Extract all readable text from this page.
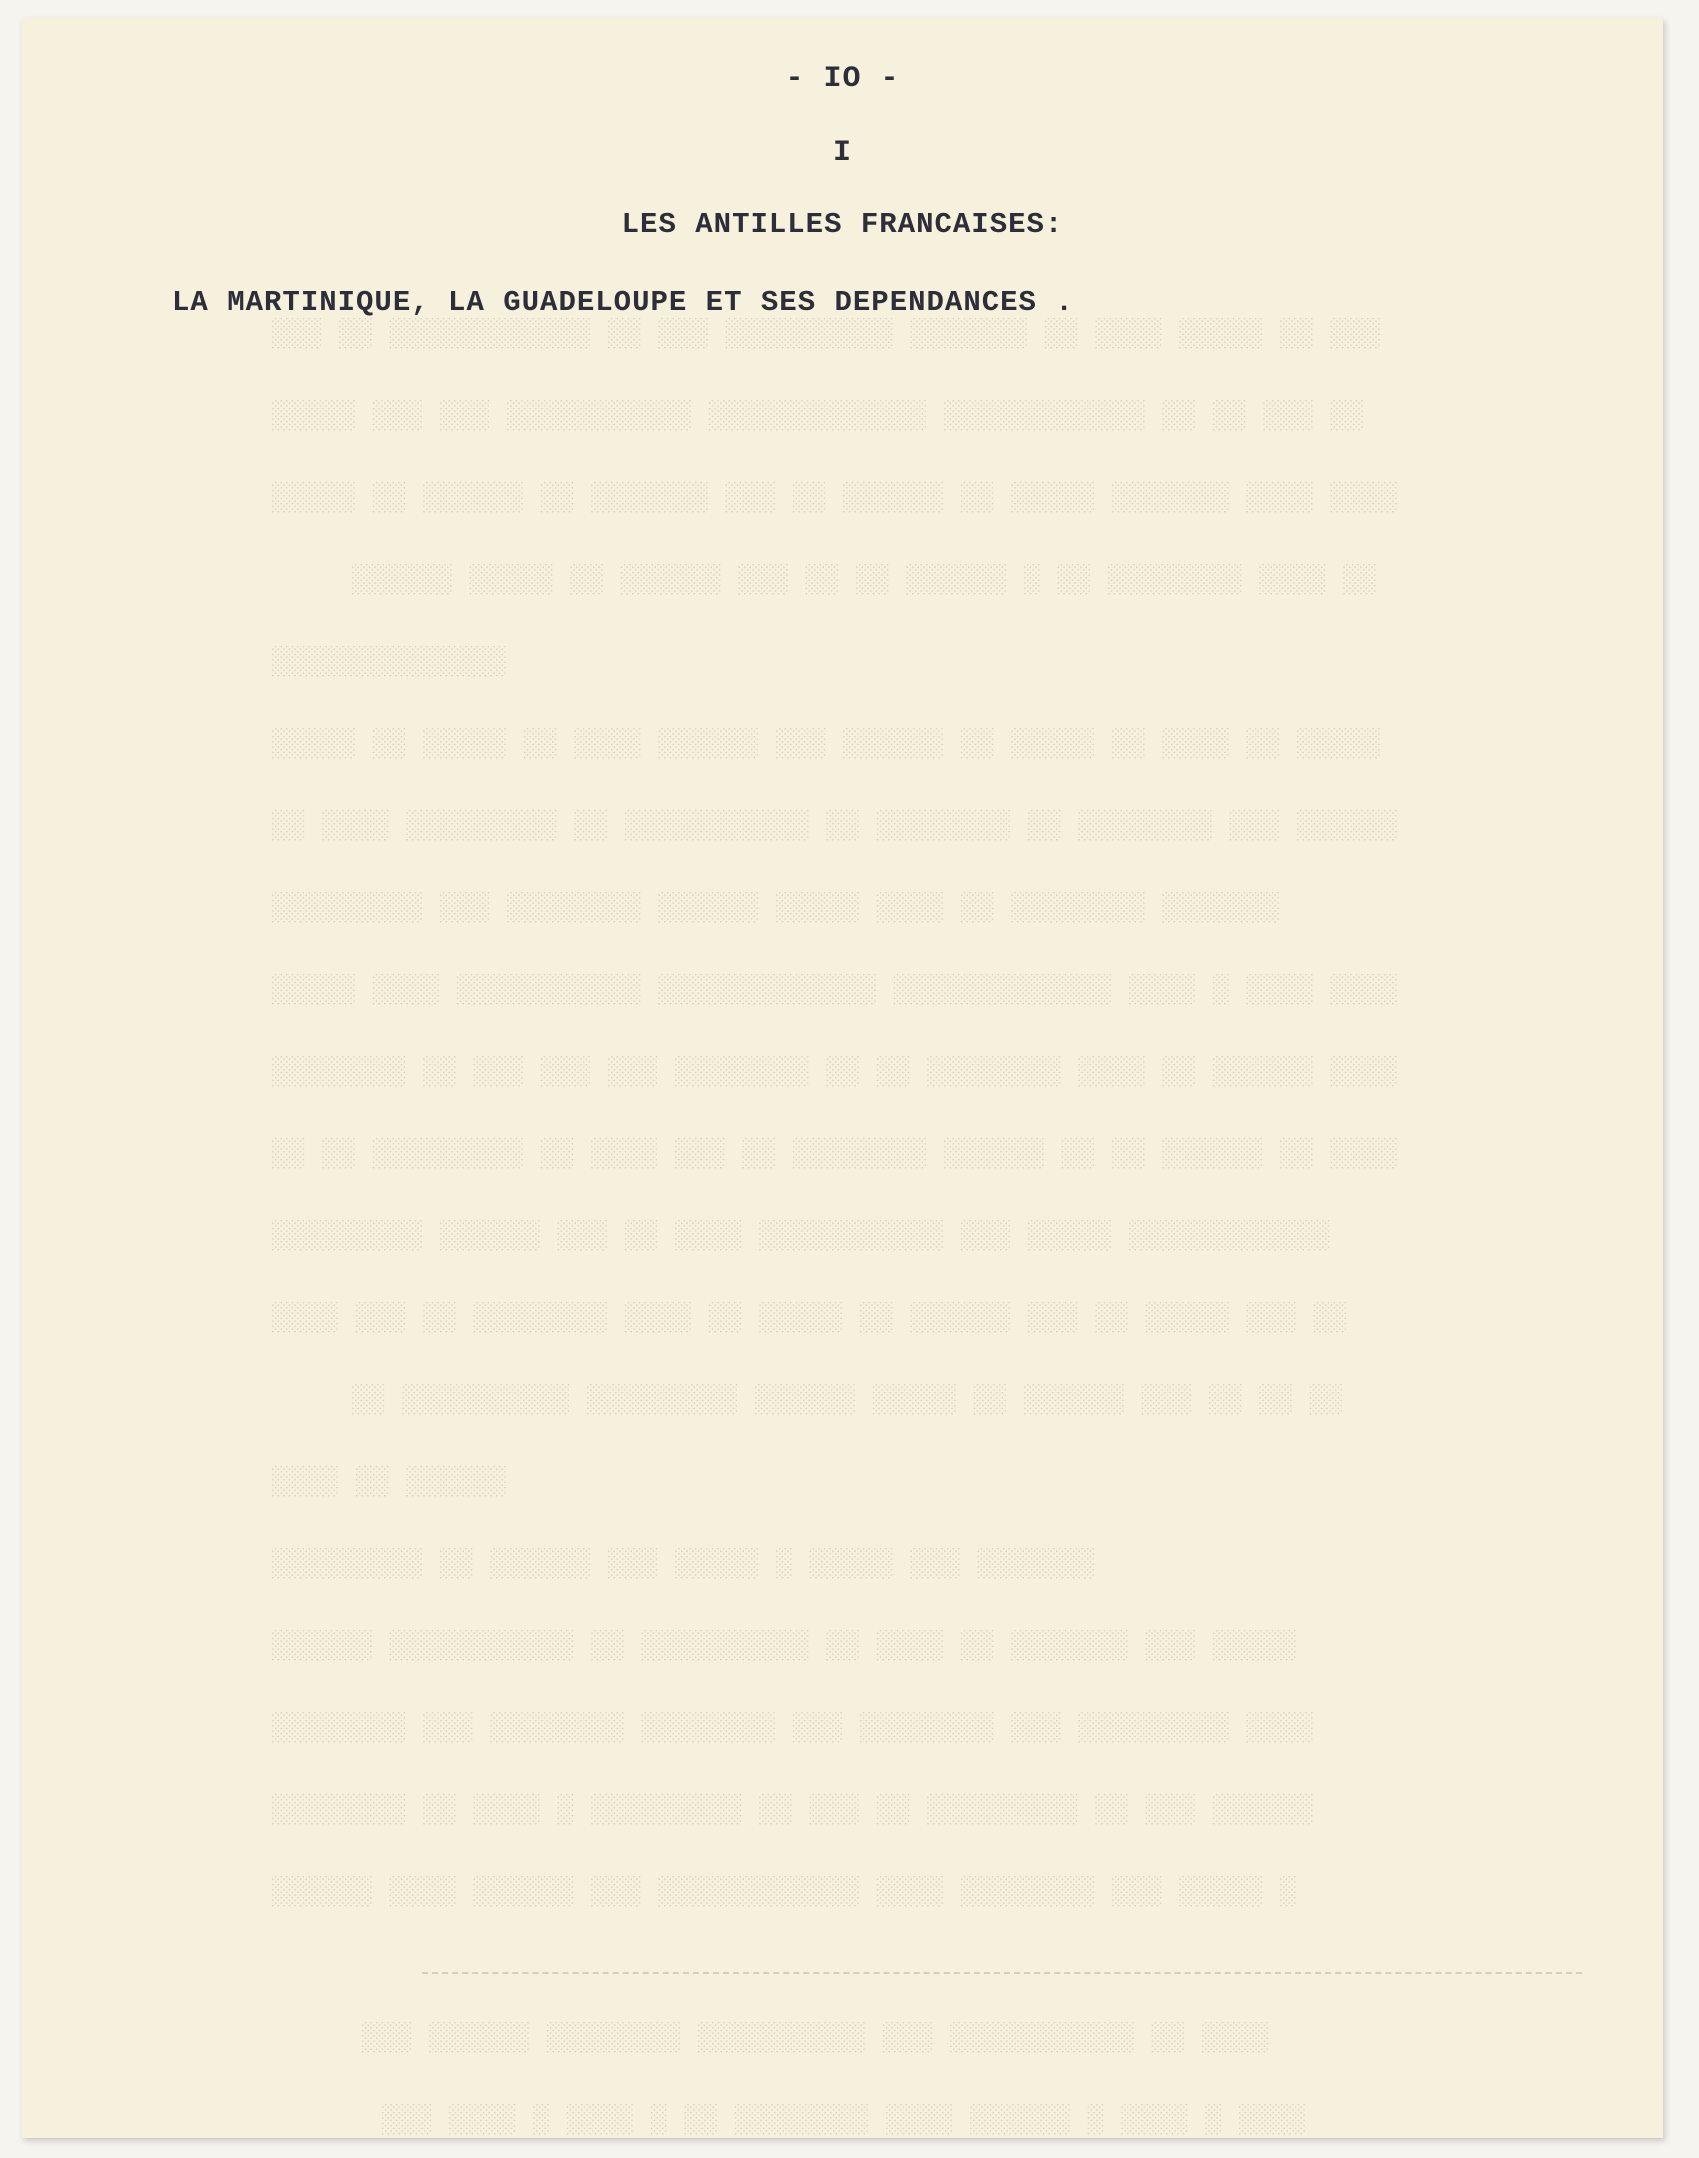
- IO -
I
LES ANTILLES FRANCAISES:
LA MARTINIQUE, LA GUADELOUPE ET SES DEPENDANCES .
░░░ ░░░░ ░ ░░░░ ░ ░░ ░░░░░░░░ ░░░░ ░░░░░░ ░ ░░░░ ░ ░░░░
░░░ ░░░░░░ ░░░░░░░░ ░░░░░░░░░░ ░░░ ░░░░░░░░░░░ ░░ ░░░░
░░░░░░ ░░░░ ░░░░░░ ░░░ ░░░░░░░░░░░░ ░░░░ ░░░░░░░░ ░░░ ░░░░░ ░
░░░░░░░░ ░░ ░░░░ ░ ░░░░░░░░░ ░░ ░░░ ░░ ░░░░░░░░░ ░░ ░░░ ░░░░░░
░░░░░░░░ ░░░ ░░░░░░░░ ░░░░░░░░ ░░░ ░░░░░░░░ ░░░ ░░░░░░░░░ ░░░░
░░░░░░ ░░░░░░░░░░░ ░░ ░░░░░░░░░░ ░░ ░░░░ ░░ ░░░░░░░ ░░░ ░░░░░
░░░░░░░░░ ░░ ░░░░░░ ░░░ ░░░░░ ░ ░░░░░ ░░░ ░░░░░░░
░░░░ ░░ ░░░░░░
░░ ░░░░░░░░░░ ░░░░░░░░░ ░░░░░░ ░░░░░ ░░ ░░░░░░ ░░░ ░░ ░░ ░░
░░░░ ░░░ ░░ ░░░░░░░░ ░░░░ ░░ ░░░░░ ░░ ░░░░░░ ░░░ ░░ ░░░░░ ░░░ ░░
░░░░░░░░░ ░░░░░░ ░░░ ░░ ░░░░ ░░░░░░░░░░░ ░░░ ░░░░░ ░░░░░░░░░░░░
░░ ░░ ░░░░░░░░░ ░░ ░░░░ ░░░ ░░ ░░░░░░░░ ░░░░░░ ░░ ░░ ░░░░░░ ░░ ░░░░
░░░░░░░░ ░░ ░░░ ░░░ ░░░ ░░░░░░░░ ░░ ░░ ░░░░░░░░ ░░░░ ░░ ░░░░░░ ░░░░
░░░░░ ░░░░ ░░░░░░░░░░░ ░░░░░░░░░░░░░ ░░░░░░░░░░░░░ ░░░░ ░ ░░░░ ░░░░
░░░░░░░░░ ░░░ ░░░░░░░░ ░░░░░░ ░░░░░ ░░░░ ░░ ░░░░░░░░ ░░░░░░░
░░ ░░░░ ░░░░░░░░░ ░░ ░░░░░░░░░░░ ░░ ░░░░░░░░ ░░ ░░░░░░░░ ░░░ ░░░░░░
░░░░░ ░░ ░░░░░ ░░ ░░░░ ░░░░░░ ░░░ ░░░░░░ ░░ ░░░░░ ░░ ░░░░ ░░ ░░░░░
░░░░░░░░░░░░░░
░░░░░░ ░░░░░ ░░ ░░░░░░ ░░░ ░░ ░░ ░░░░░░ ░ ░░ ░░░░░░░░ ░░░░ ░░
░░░░░ ░░ ░░░░░░ ░░ ░░░░░░░ ░░░ ░░ ░░░░░░ ░░ ░░░░░ ░░░░░░░ ░░░░ ░░░░
░░░░░ ░░░ ░░░ ░░░░░░░░░░░ ░░░░░░░░░░░░░ ░░░░░░░░░░░░ ░░ ░░ ░░░ ░░
░░░ ░░ ░░░░░░░░░░░░ ░░ ░░░ ░░░░░░░░░░ ░░░░░░░ ░░ ░░░░ ░░░░░ ░░ ░░░
